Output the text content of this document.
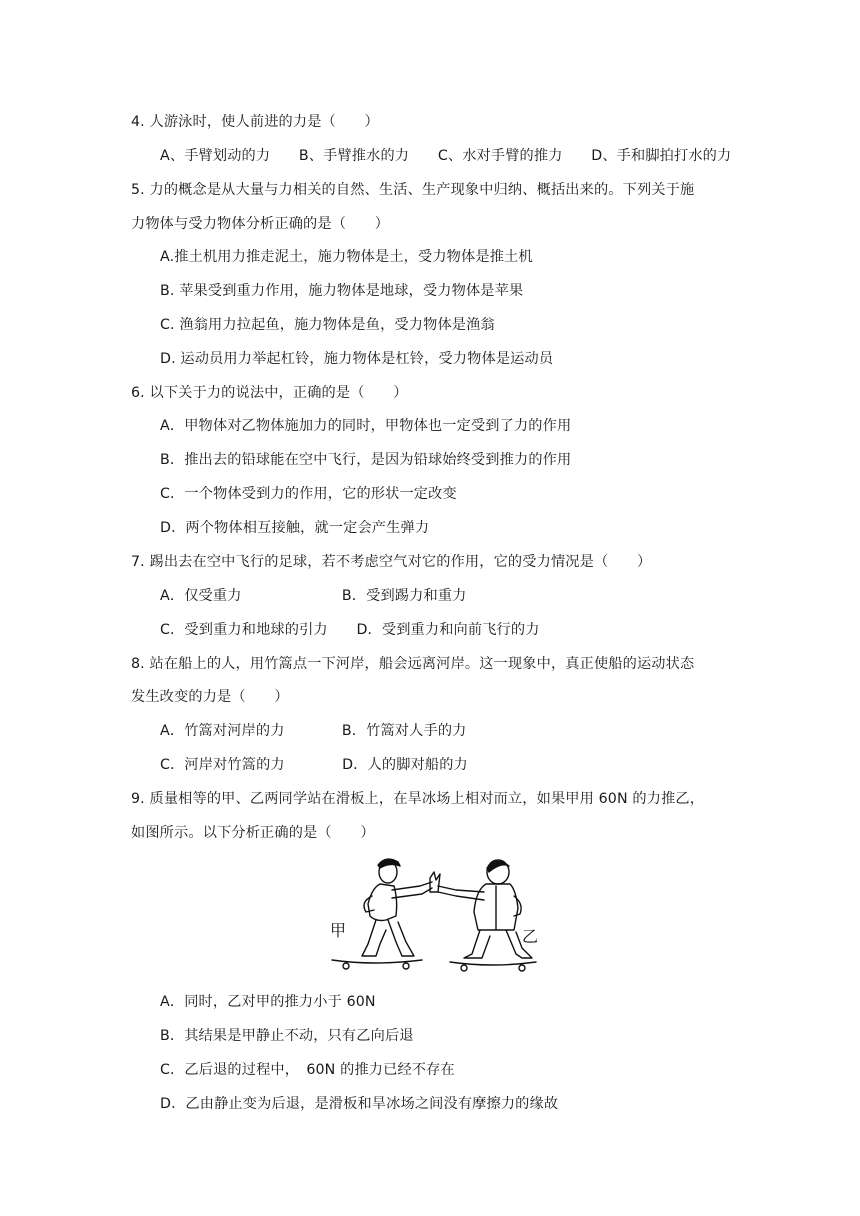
4. 人游泳时，使人前进的力是（　　）
A、手臂划动的力　　B、手臂推水的力　　C、水对手臂的推力　　D、手和脚拍打水的力
5. 力的概念是从大量与力相关的自然、生活、生产现象中归纳、概括出来的。下列关于施
力物体与受力物体分析正确的是（　　）
A.推土机用力推走泥土，施力物体是土，受力物体是推土机
B. 苹果受到重力作用，施力物体是地球，受力物体是苹果
C. 渔翁用力拉起鱼，施力物体是鱼，受力物体是渔翁
D. 运动员用力举起杠铃，施力物体是杠铃，受力物体是运动员
6. 以下关于力的说法中，正确的是（　　）
A．甲物体对乙物体施加力的同时，甲物体也一定受到了力的作用
B．推出去的铅球能在空中飞行，是因为铅球始终受到推力的作用
C．一个物体受到力的作用，它的形状一定改变
D．两个物体相互接触，就一定会产生弹力
7. 踢出去在空中飞行的足球，若不考虑空气对它的作用，它的受力情况是（　　）
A．仅受重力　　　　　　　B．受到踢力和重力
C．受到重力和地球的引力　　D．受到重力和向前飞行的力
8. 站在船上的人，用竹篙点一下河岸，船会远离河岸。这一现象中，真正使船的运动状态
发生改变的力是（　　）
A．竹篙对河岸的力　　　　B．竹篙对人手的力
C．河岸对竹篙的力　　　　D．人的脚对船的力
9. 质量相等的甲、乙两同学站在滑板上，在旱冰场上相对而立，如果甲用 60N 的力推乙，
如图所示。以下分析正确的是（　　）
甲	乙
A．同时，乙对甲的推力小于 60N
B．其结果是甲静止不动，只有乙向后退
C．乙后退的过程中，　60N 的推力已经不存在
D．乙由静止变为后退，是滑板和旱冰场之间没有摩擦力的缘故
